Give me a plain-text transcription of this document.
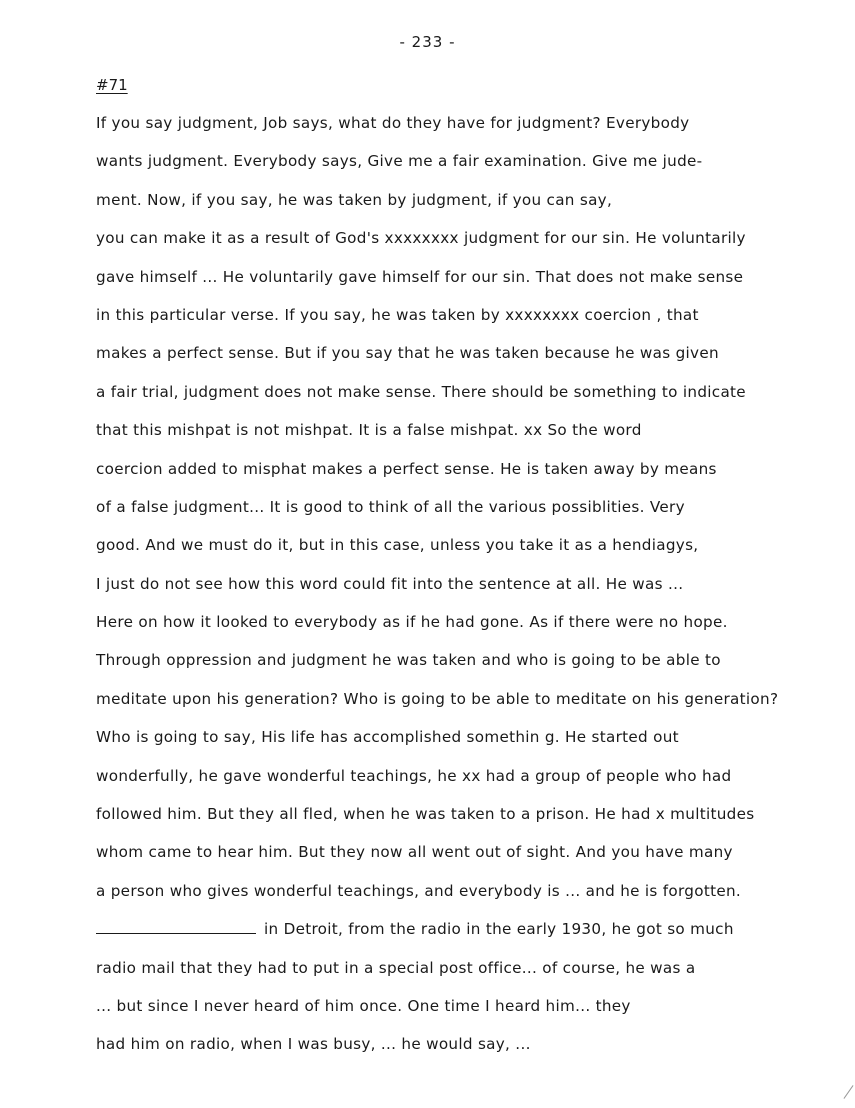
- 233 -
#71
If you say judgment, Job says, what do they have for judgment? Everybody
wants judgment. Everybody says, Give me a fair examination. Give me jude-
ment. Now, if you say, he was taken by judgment, if you can say,
you can make it as a result of God's xxxxxxxx judgment for our sin. He voluntarily
gave himself ... He voluntarily gave himself for our sin. That does not make sense
in this particular verse. If you say, he was taken by xxxxxxxx coercion , that
makes a perfect sense. But if you say that he was taken because he was given
a fair trial, judgment does not make sense. There should be something to indicate
that this mishpat is not mishpat. It is a false mishpat. xx So the word
coercion added to misphat makes a perfect sense. He is taken away by means
of a false judgment... It is good to think of all the various possiblities. Very
good. And we must do it, but in this case, unless you take it as a hendiagys,
I just do not see how this word could fit into the sentence at all. He was ...
Here on how it looked to everybody as if he had gone. As if there were no hope.
Through oppression and judgment he was taken and who is going to be able to
meditate upon his generation? Who is going to be able to meditate on his generation?
Who is going to say, His life has accomplished somethin g. He started out
wonderfully, he gave wonderful teachings, he xx had a group of people who had
followed him. But they all fled, when he was taken to a prison. He had x multitudes
whom came to hear him. But they now all went out of sight. And you have many
a person who gives wonderful teachings, and everybody is ... and he is forgotten.
in Detroit, from the radio in the early 1930, he got so much
radio mail that they had to put in a special post office... of course, he was a
... but since I never heard of him once. One time I heard him... they
had him on radio, when I was busy, ... he would say, ...
